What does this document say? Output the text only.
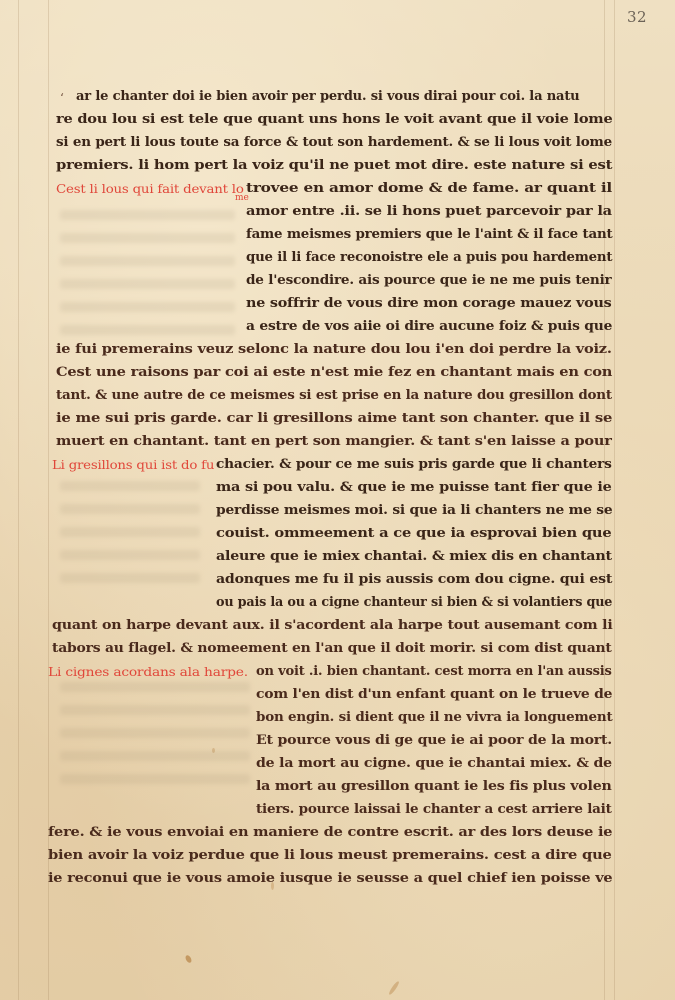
32
‘ ar le chanter doi ie bien avoir per perdu. si vous dirai pour coi. la natu
re dou lou si est tele que quant uns hons le voit avant que il voie lome
si en pert li lous toute sa force & tout son hardement. & se li lous voit lome
premiers. li hom pert la voiz qu'il ne puet mot dire. este nature si est
Cest li lous qui fait devant lo
me
trovee en amor dome & de fame. ar quant il
amor entre .ii. se li hons puet parcevoir par la
fame meismes premiers que le l'aint & il face tant
que il li face reconoistre ele a puis pou hardement
de l'escondire. ais pource que ie ne me puis tenir
ne soffrir de vous dire mon corage mauez vous
a estre de vos aiie oi dire aucune foiz & puis que
ie fui premerains veuz selonc la nature dou lou i'en doi perdre la voiz.
Cest une raisons par coi ai este n'est mie fez en chantant mais en con
tant. & une autre de ce meismes si est prise en la nature dou gresillon dont
ie me sui pris garde. car li gresillons aime tant son chanter. que il se
muert en chantant. tant en pert son mangier. & tant s'en laisse a pour
Li gresillons qui ist do fu chacier. & pour ce me suis pris garde que li chanters
ma si pou valu. & que ie me puisse tant fier que ie
perdisse meismes moi. si que ia li chanters ne me se
couist. ommeement a ce que ia esprovai bien que
aleure que ie miex chantai. & miex dis en chantant
adonques me fu il pis aussis com dou cigne. qui est
ou pais la ou a cigne chanteur si bien & si volantiers que
quant on harpe devant aux. il s'acordent ala harpe tout ausemant com li
tabors au flagel. & nomeement en l'an que il doit morir. si com dist quant
Li cignes acordans ala harpe. on voit .i. bien chantant. cest morra en l'an aussis
com l'en dist d'un enfant quant on le trueve de
bon engin. si dient que il ne vivra ia longuement
Et pource vous di ge que ie ai poor de la mort.
de la mort au cigne. que ie chantai miex. & de
la mort au gresillon quant ie les fis plus volen
tiers. pource laissai le chanter a cest arriere lait
fere. & ie vous envoiai en maniere de contre escrit. ar des lors deuse ie
bien avoir la voiz perdue que li lous meust premerains. cest a dire que
ie reconui que ie vous amoie iusque ie seusse a quel chief ien poisse ve
